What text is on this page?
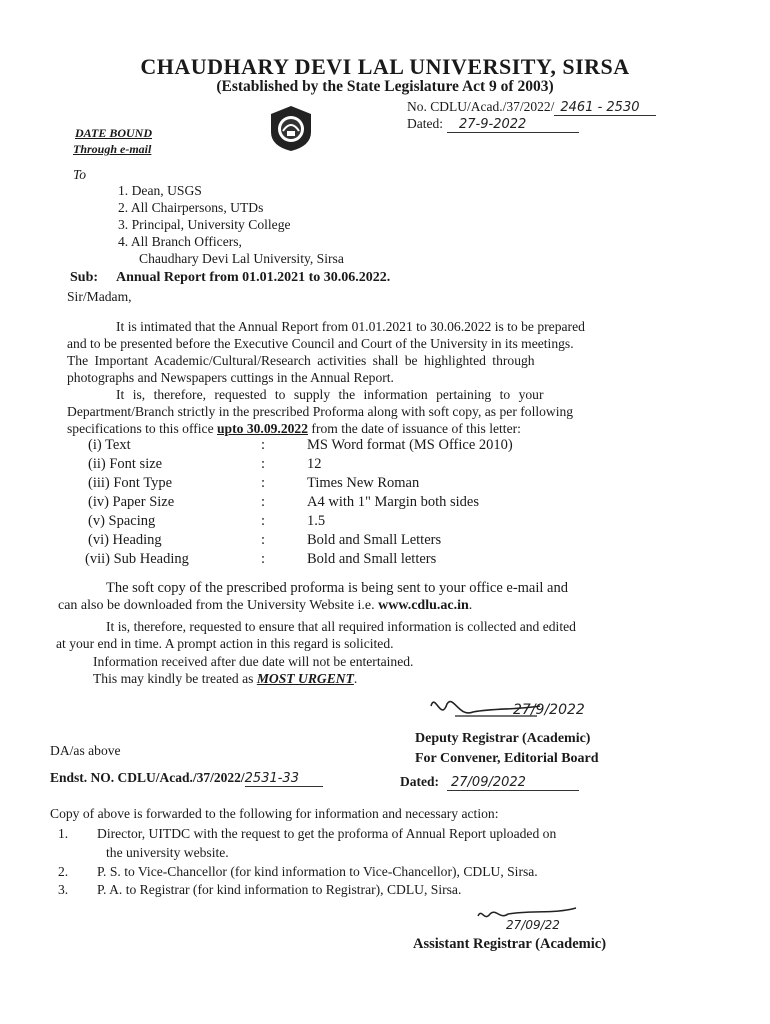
CHAUDHARY DEVI LAL UNIVERSITY, SIRSA
(Established by the State Legislature Act 9 of 2003)
No. CDLU/Acad./37/2022/ 2461 - 2530
Dated: 27-9-2022
DATE BOUND
Through e-mail
To
1. Dean, USGS
2. All Chairpersons, UTDs
3. Principal, University College
4. All Branch Officers,
Chaudhary Devi Lal University, Sirsa
Sub: Annual Report from 01.01.2021 to 30.06.2022.
Sir/Madam,
It is intimated that the Annual Report from 01.01.2021 to 30.06.2022 is to be prepared
and to be presented before the Executive Council and Court of the University in its meetings.
The Important Academic/Cultural/Research activities shall be highlighted through
photographs and Newspapers cuttings in the Annual Report.
It is, therefore, requested to supply the information pertaining to your
Department/Branch strictly in the prescribed Proforma along with soft copy, as per following
specifications to this office upto 30.09.2022 from the date of issuance of this letter:
(i) Text	:	MS Word format (MS Office 2010)
(ii) Font size	:	12
(iii) Font Type	:	Times New Roman
(iv) Paper Size	:	A4 with 1" Margin both sides
(v) Spacing	:	1.5
(vi) Heading	:	Bold and Small Letters
(vii) Sub Heading	:	Bold and Small letters
The soft copy of the prescribed proforma is being sent to your office e-mail and
can also be downloaded from the University Website i.e. www.cdlu.ac.in.
It is, therefore, requested to ensure that all required information is collected and edited
at your end in time. A prompt action in this regard is solicited.
Information received after due date will not be entertained.
This may kindly be treated as MOST URGENT.
27/9/2022
Deputy Registrar (Academic)
For Convener, Editorial Board
DA/as above
Endst. NO. CDLU/Acad./37/2022/2531-33	Dated: 27/09/2022
Copy of above is forwarded to the following for information and necessary action:
1. Director, UITDC with the request to get the proforma of Annual Report uploaded on
the university website.
2. P. S. to Vice-Chancellor (for kind information to Vice-Chancellor), CDLU, Sirsa.
3. P. A. to Registrar (for kind information to Registrar), CDLU, Sirsa.
27/09/22
Assistant Registrar (Academic)
